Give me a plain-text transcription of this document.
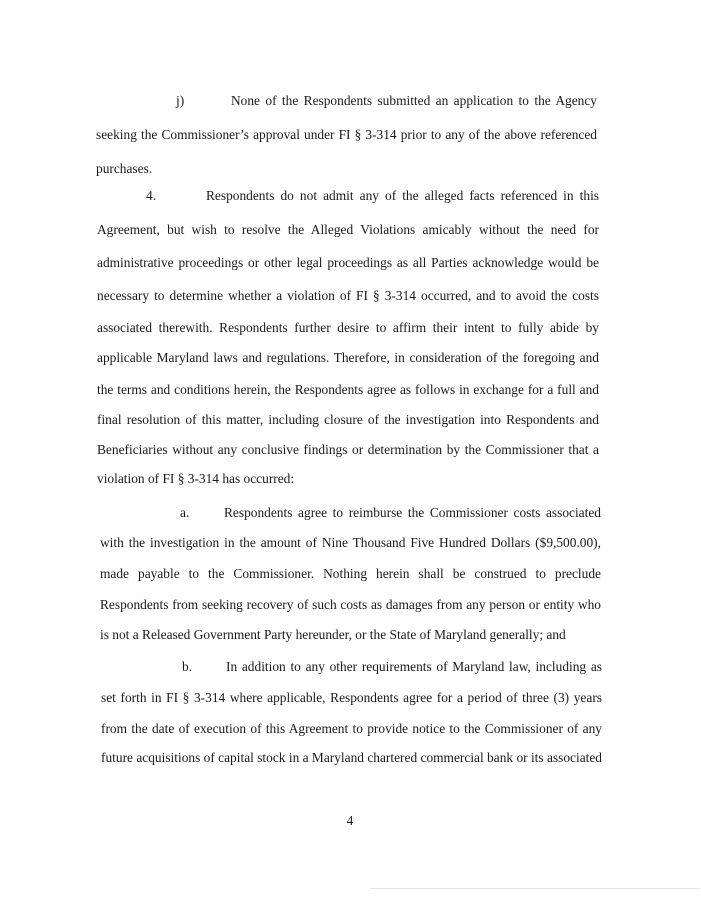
j)	None of the Respondents submitted an application to the Agency
seeking the Commissioner’s approval under FI § 3-314 prior to any of the above referenced
purchases.
4.	Respondents do not admit any of the alleged facts referenced in this
Agreement, but wish to resolve the Alleged Violations amicably without the need for
administrative proceedings or other legal proceedings as all Parties acknowledge would be
necessary to determine whether a violation of FI § 3-314 occurred, and to avoid the costs
associated therewith. Respondents further desire to affirm their intent to fully abide by
applicable Maryland laws and regulations. Therefore, in consideration of the foregoing and
the terms and conditions herein, the Respondents agree as follows in exchange for a full and
final resolution of this matter, including closure of the investigation into Respondents and
Beneficiaries without any conclusive findings or determination by the Commissioner that a
violation of FI § 3-314 has occurred:
a.	Respondents agree to reimburse the Commissioner costs associated
with the investigation in the amount of Nine Thousand Five Hundred Dollars ($9,500.00),
made payable to the Commissioner. Nothing herein shall be construed to preclude
Respondents from seeking recovery of such costs as damages from any person or entity who
is not a Released Government Party hereunder, or the State of Maryland generally; and
b.	In addition to any other requirements of Maryland law, including as
set forth in FI § 3-314 where applicable, Respondents agree for a period of three (3) years
from the date of execution of this Agreement to provide notice to the Commissioner of any
future acquisitions of capital stock in a Maryland chartered commercial bank or its associated
4
